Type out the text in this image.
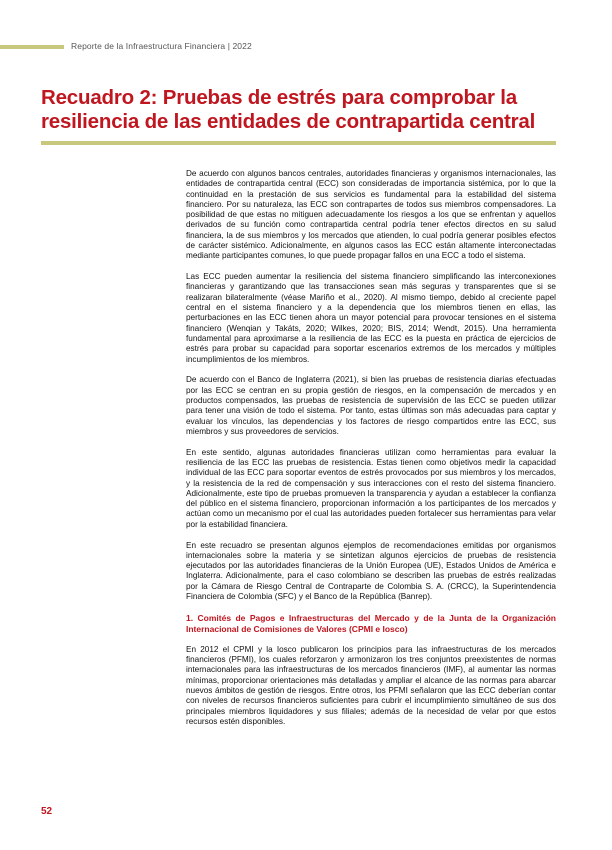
Reporte de la Infraestructura Financiera | 2022
Recuadro 2: Pruebas de estrés para comprobar la resiliencia de las entidades de contrapartida central

De acuerdo con algunos bancos centrales, autoridades financieras y organismos internacionales, las entidades de contrapartida central (ECC) son consideradas de importancia sistémica, por lo que la continuidad en la prestación de sus servicios es fundamental para la estabilidad del sistema financiero. Por su naturaleza, las ECC son contrapartes de todos sus miembros compensadores. La posibilidad de que estas no mitiguen adecuadamente los riesgos a los que se enfrentan y aquellos derivados de su función como contrapartida central podría tener efectos directos en su salud financiera, la de sus miembros y los mercados que atienden, lo cual podría generar posibles efectos de carácter sistémico. Adicionalmente, en algunos casos las ECC están altamente interconectadas mediante participantes comunes, lo que puede propagar fallos en una ECC a todo el sistema.

Las ECC pueden aumentar la resiliencia del sistema financiero simplificando las interconexiones financieras y garantizando que las transacciones sean más seguras y transparentes que si se realizaran bilateralmente (véase Mariño et al., 2020). Al mismo tiempo, debido al creciente papel central en el sistema financiero y a la dependencia que los miembros tienen en ellas, las perturbaciones en las ECC tienen ahora un mayor potencial para provocar tensiones en el sistema financiero (Wenqian y Takáts, 2020; Wilkes, 2020; BIS, 2014; Wendt, 2015). Una herramienta fundamental para aproximarse a la resiliencia de las ECC es la puesta en práctica de ejercicios de estrés para probar su capacidad para soportar escenarios extremos de los mercados y múltiples incumplimientos de los miembros.

De acuerdo con el Banco de Inglaterra (2021), si bien las pruebas de resistencia diarias efectuadas por las ECC se centran en su propia gestión de riesgos, en la compensación de mercados y en productos compensados, las pruebas de resistencia de supervisión de las ECC se pueden utilizar para tener una visión de todo el sistema. Por tanto, estas últimas son más adecuadas para captar y evaluar los vínculos, las dependencias y los factores de riesgo compartidos entre las ECC, sus miembros y sus proveedores de servicios.

En este sentido, algunas autoridades financieras utilizan como herramientas para evaluar la resiliencia de las ECC las pruebas de resistencia. Estas tienen como objetivos medir la capacidad individual de las ECC para soportar eventos de estrés provocados por sus miembros y los mercados, y la resistencia de la red de compensación y sus interacciones con el resto del sistema financiero. Adicionalmente, este tipo de pruebas promueven la transparencia y ayudan a establecer la confianza del público en el sistema financiero, proporcionan información a los participantes de los mercados y actúan como un mecanismo por el cual las autoridades pueden fortalecer sus herramientas para velar por la estabilidad financiera.

En este recuadro se presentan algunos ejemplos de recomendaciones emitidas por organismos internacionales sobre la materia y se sintetizan algunos ejercicios de pruebas de resistencia ejecutados por las autoridades financieras de la Unión Europea (UE), Estados Unidos de América e Inglaterra. Adicionalmente, para el caso colombiano se describen las pruebas de estrés realizadas por la Cámara de Riesgo Central de Contraparte de Colombia S. A. (CRCC), la Superintendencia Financiera de Colombia (SFC) y el Banco de la República (Banrep).

1. Comités de Pagos e Infraestructuras del Mercado y de la Junta de la Organización Internacional de Comisiones de Valores (CPMI e Iosco)

En 2012 el CPMI y la Iosco publicaron los principios para las infraestructuras de los mercados financieros (PFMI), los cuales reforzaron y armonizaron los tres conjuntos preexistentes de normas internacionales para las infraestructuras de los mercados financieros (IMF), al aumentar las normas mínimas, proporcionar orientaciones más detalladas y ampliar el alcance de las normas para abarcar nuevos ámbitos de gestión de riesgos. Entre otros, los PFMI señalaron que las ECC deberían contar con niveles de recursos financieros suficientes para cubrir el incumplimiento simultáneo de sus dos principales miembros liquidadores y sus filiales; además de la necesidad de velar por que estos recursos estén disponibles.

52
